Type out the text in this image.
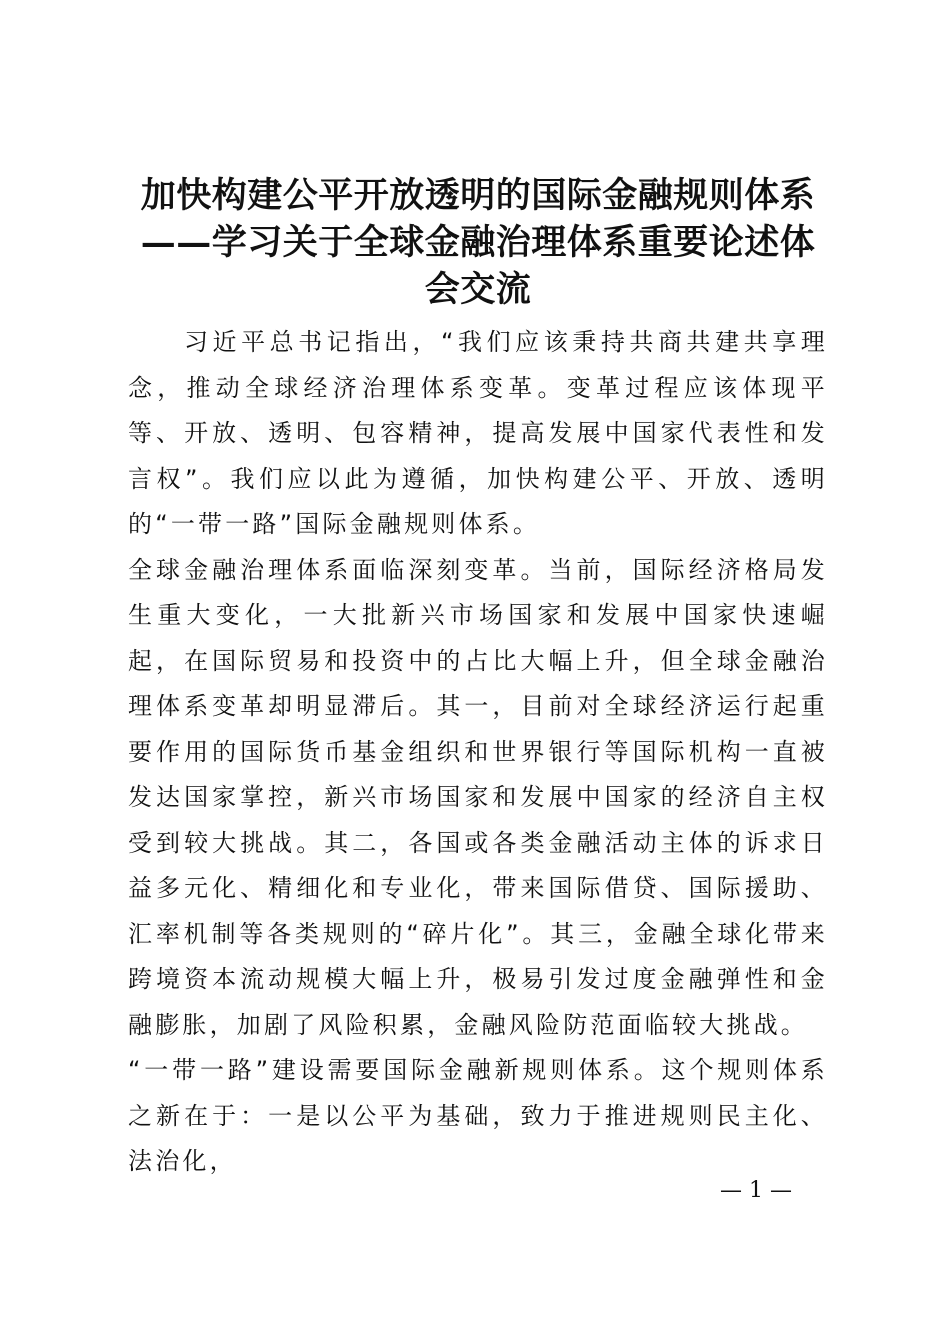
加快构建公平开放透明的国际金融规则体系——学习关于全球金融治理体系重要论述体会交流

习近平总书记指出，“我们应该秉持共商共建共享理念，推动全球经济治理体系变革。变革过程应该体现平等、开放、透明、包容精神，提高发展中国家代表性和发言权”。我们应以此为遵循，加快构建公平、开放、透明的“一带一路”国际金融规则体系。

全球金融治理体系面临深刻变革。当前，国际经济格局发生重大变化，一大批新兴市场国家和发展中国家快速崛起，在国际贸易和投资中的占比大幅上升，但全球金融治理体系变革却明显滞后。其一，目前对全球经济运行起重要作用的国际货币基金组织和世界银行等国际机构一直被发达国家掌控，新兴市场国家和发展中国家的经济自主权受到较大挑战。其二，各国或各类金融活动主体的诉求日益多元化、精细化和专业化，带来国际借贷、国际援助、汇率机制等各类规则的“碎片化”。其三，金融全球化带来跨境资本流动规模大幅上升，极易引发过度金融弹性和金融膨胀，加剧了风险积累，金融风险防范面临较大挑战。

“一带一路”建设需要国际金融新规则体系。这个规则体系之新在于：一是以公平为基础，致力于推进规则民主化、法治化，

— 1 —
